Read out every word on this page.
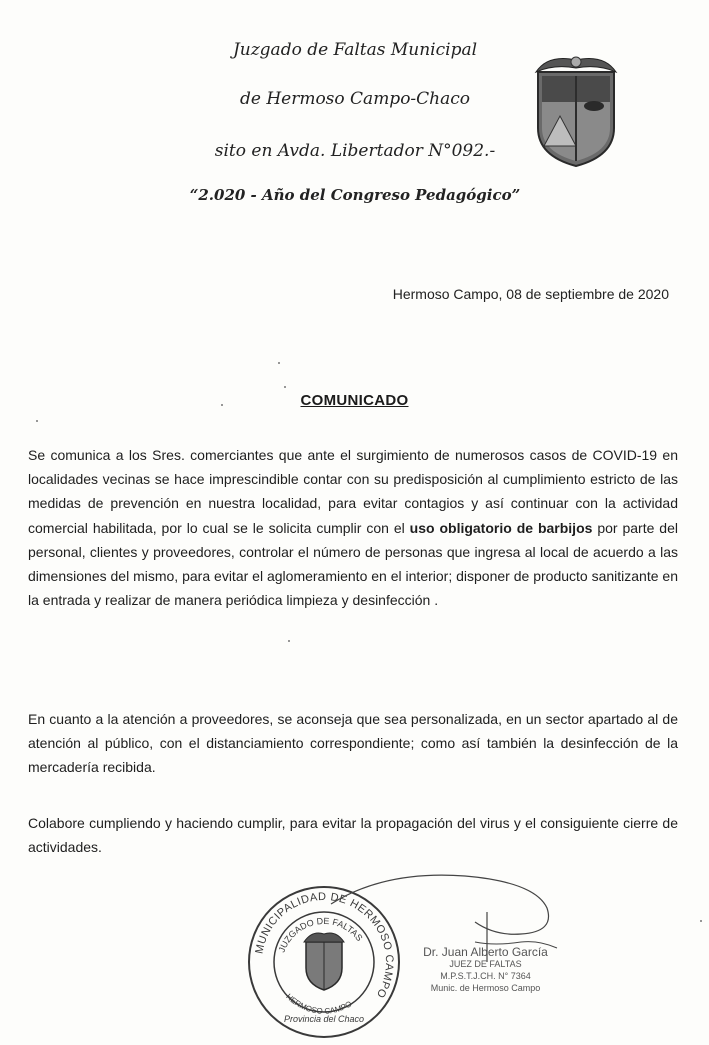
Juzgado de Faltas Municipal
de Hermoso Campo-Chaco
sito en Avda. Libertador N°092.-
“2.020 - Año del Congreso Pedagógico”
Hermoso Campo, 08 de septiembre de 2020
COMUNICADO

Se comunica a los Sres. comerciantes que ante el surgimiento de numerosos casos de COVID-19 en localidades vecinas se hace imprescindible contar con su predisposición al cumplimiento estricto de las medidas de prevención en nuestra localidad, para evitar contagios y así continuar con la actividad comercial habilitada, por lo cual se le solicita cumplir con el uso obligatorio de barbijos por parte del personal, clientes y proveedores, controlar el número de personas que ingresa al local de acuerdo a las dimensiones del mismo, para evitar el aglomeramiento en el interior; disponer de producto sanitizante en la entrada y realizar de manera periódica limpieza y desinfección .

En cuanto a la atención a proveedores, se aconseja que sea personalizada, en un sector apartado al de atención al público, con el distanciamiento correspondiente; como así también la desinfección de la mercadería recibida.

Colabore cumpliendo y haciendo cumplir, para evitar la propagación del virus y el consiguiente cierre de actividades.

MUNICIPALIDAD DE HERMOSO CAMPO
JUZGADO DE FALTAS
HERMOSO CAMPO
Provincia del Chaco
Dr. Juan Alberto García
JUEZ DE FALTAS
M.P.S.T.J.CH. N° 7364
Munic. de Hermoso Campo
